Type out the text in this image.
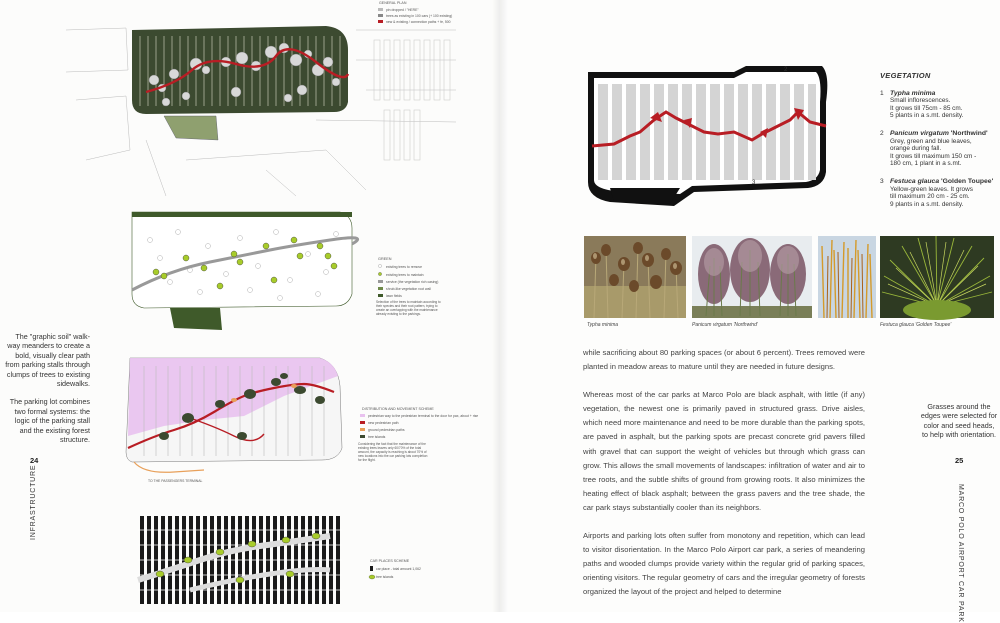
GENERAL PLAN
pin dropped / "HERE"
trees as existing in 100 cars (+ 100 existing)
new & existing / connection paths + fe, 500
GREEN
existing trees to remove
existing trees to maintain
service (the vegetation rich casing)
shrub-like vegetation root wall
lawn fields
Selection of the trees to maintain according to their species and their root pattern, trying to create an overlapping with the maintenance already existing to the parkings.
TO THE PASSENGERS TERMINAL
DISTRIBUTION AND MOVEMENT SCHEME
pedestrian way to the pedestrian terminal to the door for pax, about + rise
new pedestrian path
ground pedestrian paths
tree islands
Considering the fact that the maintenance of the existing trees leaves only 60/70% of the total amount, the capacity is reaching is about 70% of new locations into the car parking lots completion for the flight.
CAR PLACES SCHEME
car place - total amount 1,062
tree islands

The "graphic soil" walk-way meanders to create a bold, visually clear path from parking stalls through clumps of trees to existing sidewalks.

The parking lot combines two formal systems: the logic of the parking stall and the existing forest structure.

24
INFRASTRUCTURE
1
2
3
VEGETATION
1 Typha minima
Small inflorescences.
It grows till 75cm - 85 cm.
5 plants in a s.mt. density.
2 Panicum virgatum 'Northwind'
Grey, green and blue leaves,
orange during fall.
It grows till maximum 150 cm -
180 cm, 1 plant in a s.mt.
3 Festuca glauca 'Golden Toupee'
Yellow-green leaves. It grows
till maximum 20 cm - 25 cm.
9 plants in a s.mt. density.
Typha minima	Panicum virgatum 'Northwind'	Festuca glauca 'Golden Toupee'

while sacrificing about 80 parking spaces (or about 6 percent). Trees removed were planted in meadow areas to mature until they are needed in future designs.

Whereas most of the car parks at Marco Polo are black asphalt, with little (if any) vegetation, the newest one is primarily paved in structured grass. Drive aisles, which need more maintenance and need to be more durable than the parking spots, are paved in asphalt, but the parking spots are precast concrete grid pavers filled with gravel that can support the weight of vehicles but through which grass can grow. This allows the small movements of landscapes: infiltration of water and air to tree roots, and the subtle shifts of ground from growing roots. It also minimizes the heating effect of black asphalt; between the grass pavers and the tree shade, the car park stays substantially cooler than its neighbors.

Airports and parking lots often suffer from monotony and repetition, which can lead to visitor disorientation. In the Marco Polo Airport car park, a series of meandering paths and wooded clumps provide variety within the regular grid of parking spaces, orienting visitors. The regular geometry of cars and the irregular geometry of forests organized the layout of the project and helped to determine

Grasses around the edges were selected for color and seed heads, to help with orientation.
25
MARCO POLO AIRPORT CAR PARK
